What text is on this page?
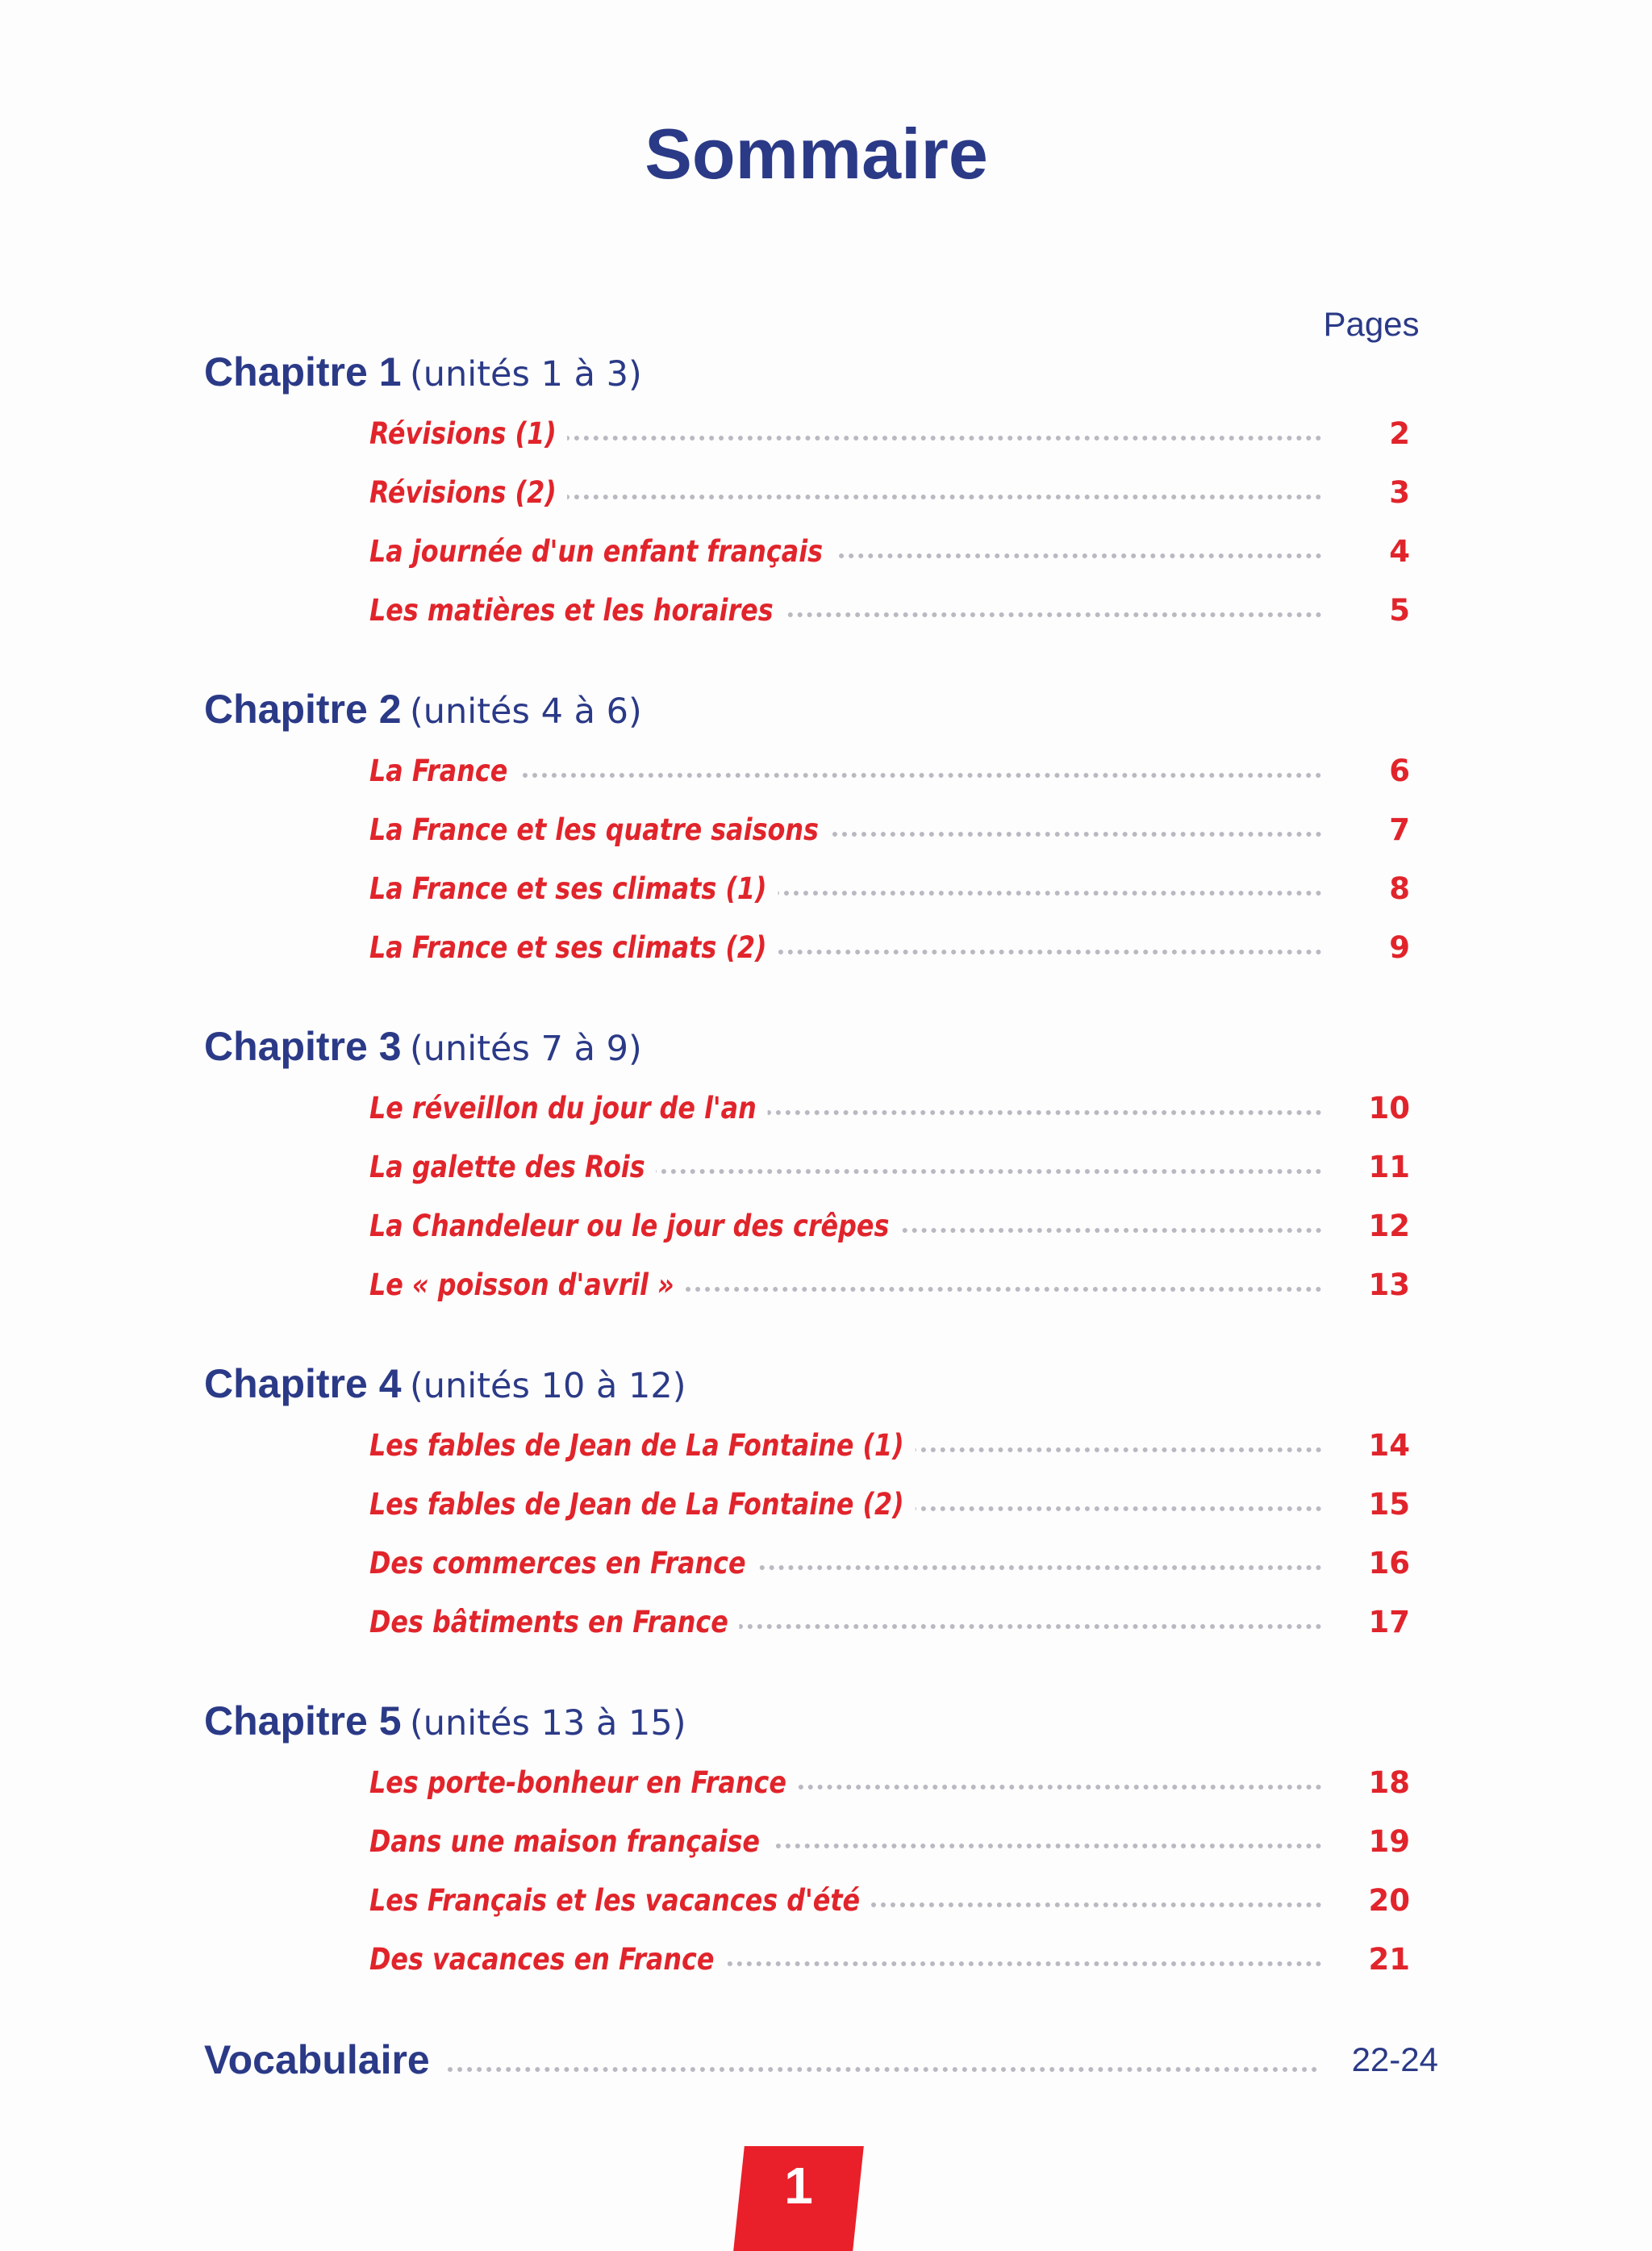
Sommaire
Pages
Chapitre 1 (unités 1 à 3)
Révisions (1)	2
Révisions (2)	3
La journée d'un enfant français	4
Les matières et les horaires	5
Chapitre 2 (unités 4 à 6)
La France	6
La France et les quatre saisons	7
La France et ses climats (1)	8
La France et ses climats (2)	9
Chapitre 3 (unités 7 à 9)
Le réveillon du jour de l'an	10
La galette des Rois	11
La Chandeleur ou le jour des crêpes	12
Le « poisson d'avril »	13
Chapitre 4 (unités 10 à 12)
Les fables de Jean de La Fontaine (1)	14
Les fables de Jean de La Fontaine (2)	15
Des commerces en France	16
Des bâtiments en France	17
Chapitre 5 (unités 13 à 15)
Les porte-bonheur en France	18
Dans une maison française	19
Les Français et les vacances d'été	20
Des vacances en France	21
Vocabulaire	22-24
1
